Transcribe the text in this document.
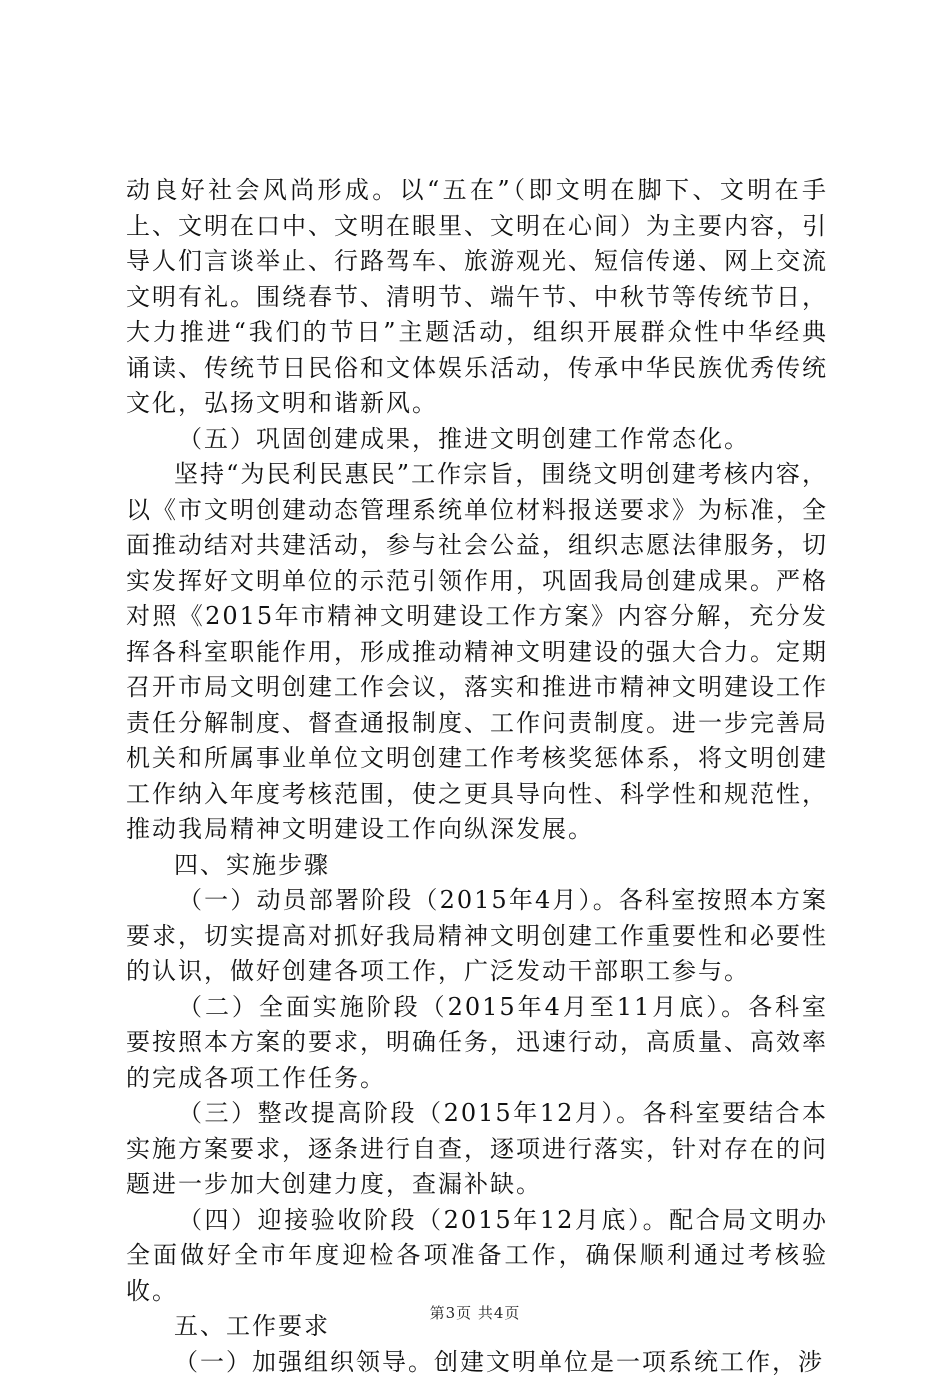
动良好社会风尚形成。以“五在”（即文明在脚下、文明在手上、文明在口中、文明在眼里、文明在心间）为主要内容，引导人们言谈举止、行路驾车、旅游观光、短信传递、网上交流文明有礼。围绕春节、清明节、端午节、中秋节等传统节日，大力推进“我们的节日”主题活动，组织开展群众性中华经典诵读、传统节日民俗和文体娱乐活动，传承中华民族优秀传统文化，弘扬文明和谐新风。

（五）巩固创建成果，推进文明创建工作常态化。

坚持“为民利民惠民”工作宗旨，围绕文明创建考核内容，以《市文明创建动态管理系统单位材料报送要求》为标准，全面推动结对共建活动，参与社会公益，组织志愿法律服务，切实发挥好文明单位的示范引领作用，巩固我局创建成果。严格对照《2015年市精神文明建设工作方案》内容分解，充分发挥各科室职能作用，形成推动精神文明建设的强大合力。定期召开市局文明创建工作会议，落实和推进市精神文明建设工作责任分解制度、督查通报制度、工作问责制度。进一步完善局机关和所属事业单位文明创建工作考核奖惩体系，将文明创建工作纳入年度考核范围，使之更具导向性、科学性和规范性，推动我局精神文明建设工作向纵深发展。

四、实施步骤

（一）动员部署阶段（2015年4月）。各科室按照本方案要求，切实提高对抓好我局精神文明创建工作重要性和必要性的认识，做好创建各项工作，广泛发动干部职工参与。

（二）全面实施阶段（2015年4月至11月底）。各科室要按照本方案的要求，明确任务，迅速行动，高质量、高效率的完成各项工作任务。

（三）整改提高阶段（2015年12月）。各科室要结合本实施方案要求，逐条进行自查，逐项进行落实，针对存在的问题进一步加大创建力度，查漏补缺。

（四）迎接验收阶段（2015年12月底）。配合局文明办全面做好全市年度迎检各项准备工作，确保顺利通过考核验收。

五、工作要求

（一）加强组织领导。创建文明单位是一项系统工作，涉

第3页 共4页
